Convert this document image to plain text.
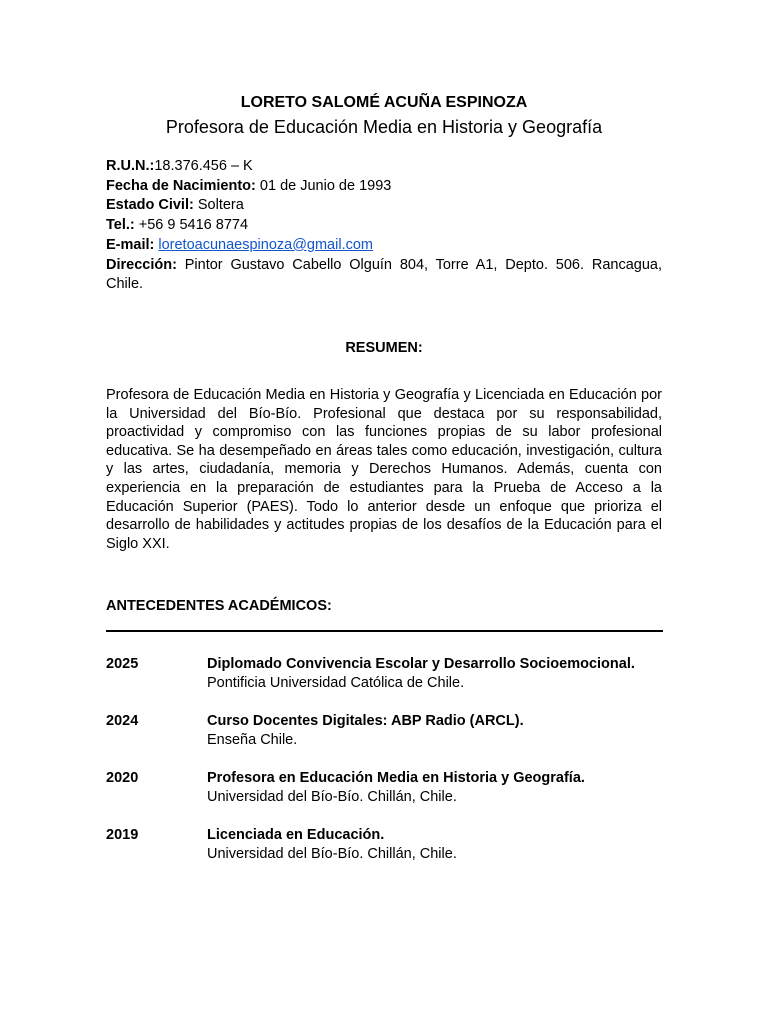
LORETO SALOMÉ ACUÑA ESPINOZA
Profesora de Educación Media en Historia y Geografía
R.U.N.:18.376.456 – K
Fecha de Nacimiento: 01 de Junio de 1993
Estado Civil: Soltera
Tel.: +56 9 5416 8774
E-mail: loretoacunaespinoza@gmail.com
Dirección: Pintor Gustavo Cabello Olguín 804, Torre A1, Depto. 506. Rancagua, Chile.
RESUMEN:
Profesora de Educación Media en Historia y Geografía y Licenciada en Educación por la Universidad del Bío-Bío. Profesional que destaca por su responsabilidad, proactividad y compromiso con las funciones propias de su labor profesional educativa. Se ha desempeñado en áreas tales como educación, investigación, cultura y las artes, ciudadanía, memoria y Derechos Humanos. Además, cuenta con experiencia en la preparación de estudiantes para la Prueba de Acceso a la Educación Superior (PAES). Todo lo anterior desde un enfoque que prioriza el desarrollo de habilidades y actitudes propias de los desafíos de la Educación para el Siglo XXI.
ANTECEDENTES ACADÉMICOS:
2025	Diplomado Convivencia Escolar y Desarrollo Socioemocional.
Pontificia Universidad Católica de Chile.
2024	Curso Docentes Digitales: ABP Radio (ARCL).
Enseña Chile.
2020	Profesora en Educación Media en Historia y Geografía.
Universidad del Bío-Bío. Chillán, Chile.
2019	Licenciada en Educación.
Universidad del Bío-Bío. Chillán, Chile.
